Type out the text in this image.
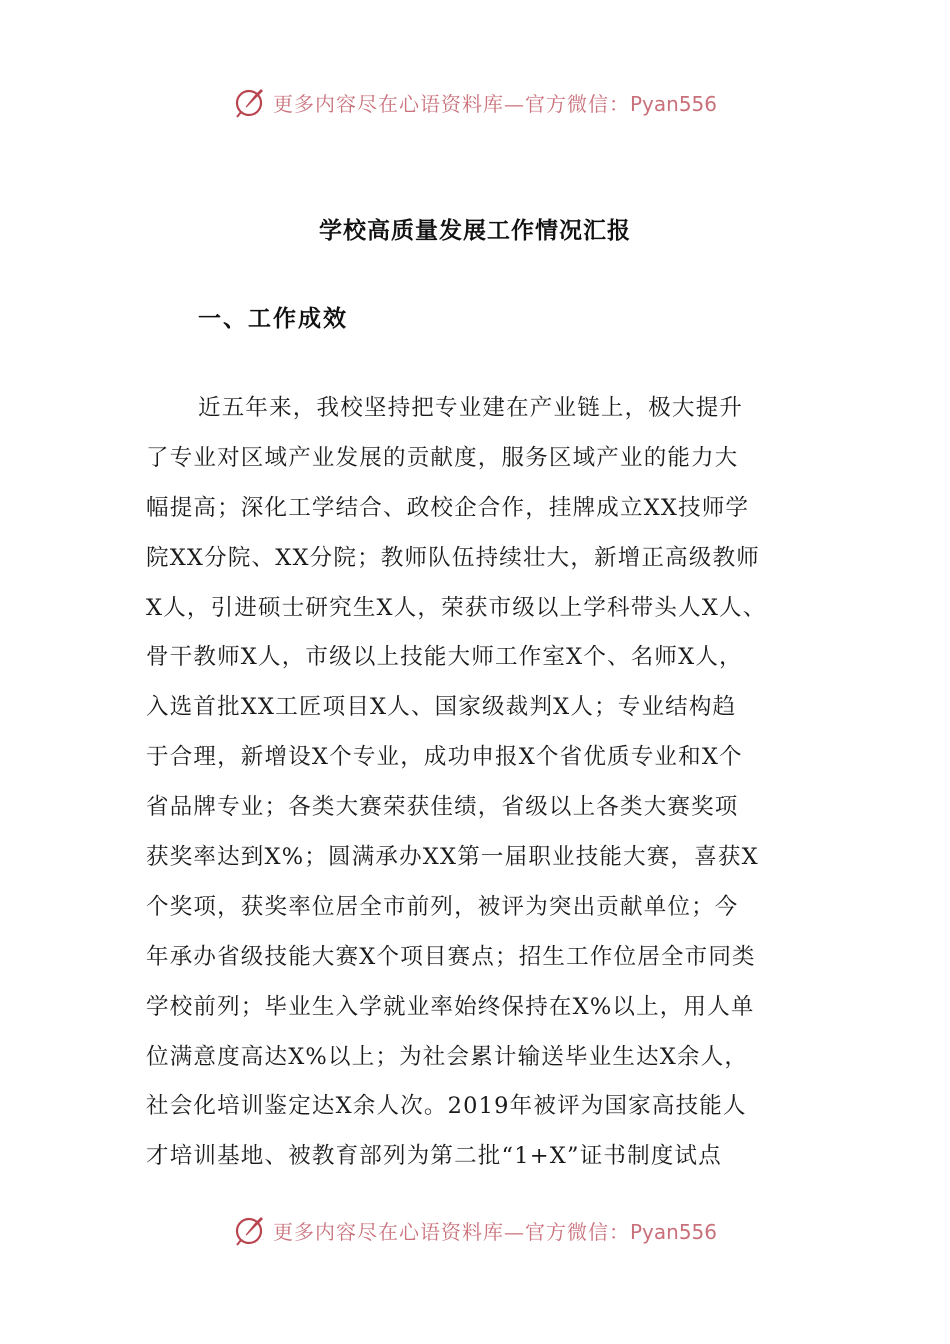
更多内容尽在心语资料库—官方微信：Pyan556
学校高质量发展工作情况汇报
一、工作成效
近五年来，我校坚持把专业建在产业链上，极大提升
了专业对区域产业发展的贡献度，服务区域产业的能力大
幅提高；深化工学结合、政校企合作，挂牌成立XX技师学
院XX分院、XX分院；教师队伍持续壮大，新增正高级教师
X人，引进硕士研究生X人，荣获市级以上学科带头人X人、
骨干教师X人，市级以上技能大师工作室X个、名师X人，
入选首批XX工匠项目X人、国家级裁判X人；专业结构趋
于合理，新增设X个专业，成功申报X个省优质专业和X个
省品牌专业；各类大赛荣获佳绩，省级以上各类大赛奖项
获奖率达到X%；圆满承办XX第一届职业技能大赛，喜获X
个奖项，获奖率位居全市前列，被评为突出贡献单位；今
年承办省级技能大赛X个项目赛点；招生工作位居全市同类
学校前列；毕业生入学就业率始终保持在X%以上，用人单
位满意度高达X%以上；为社会累计输送毕业生达X余人，
社会化培训鉴定达X余人次。2019年被评为国家高技能人
才培训基地、被教育部列为第二批“1+X”证书制度试点
更多内容尽在心语资料库—官方微信：Pyan556
